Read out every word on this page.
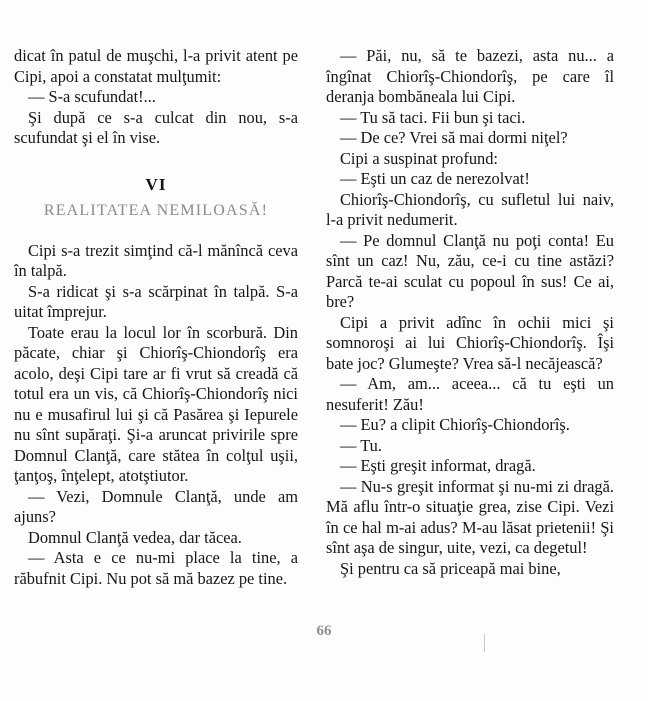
dicat în patul de muşchi, l-a privit atent pe Cipi, apoi a constatat mulţumit:

— S-a scufundat!...

Şi după ce s-a culcat din nou, s-a scufundat şi el în vise.

VI
REALITATEA NEMILOASĂ!

Cipi s-a trezit simţind că-l mănîncă ceva în talpă.

S-a ridicat şi s-a scărpinat în talpă. S-a uitat împrejur.

Toate erau la locul lor în scorbură. Din păcate, chiar şi Chiorîş-Chiondorîş era acolo, deşi Cipi tare ar fi vrut să creadă că totul era un vis, că Chiorîş-Chiondorîş nici nu e musafirul lui şi că Pasărea şi Iepurele nu sînt supăraţi. Şi-a aruncat privirile spre Domnul Clanţă, care stătea în colţul uşii, ţanţoş, înţelept, atotştiutor.

— Vezi, Domnule Clanţă, unde am ajuns?

Domnul Clanţă vedea, dar tăcea.

— Asta e ce nu-mi place la tine, a răbufnit Cipi. Nu pot să mă bazez pe tine.

— Păi, nu, să te bazezi, asta nu... a îngînat Chiorîş-Chiondorîş, pe care îl deranja bombăneala lui Cipi.

— Tu să taci. Fii bun şi taci.

— De ce? Vrei să mai dormi niţel?

Cipi a suspinat profund:

— Eşti un caz de nerezolvat!

Chiorîş-Chiondorîş, cu sufletul lui naiv, l-a privit nedumerit.

— Pe domnul Clanţă nu poţi conta! Eu sînt un caz! Nu, zău, ce-i cu tine astăzi? Parcă te-ai sculat cu popoul în sus! Ce ai, bre?

Cipi a privit adînc în ochii mici şi somnoroşi ai lui Chiorîş-Chiondorîş. Îşi bate joc? Glumeşte? Vrea să-l necăjească?

— Am, am... aceea... că tu eşti un nesuferit! Zău!

— Eu? a clipit Chiorîş-Chiondorîş.

— Tu.

— Eşti greşit informat, dragă.

— Nu-s greşit informat şi nu-mi zi dragă. Mă aflu într-o situaţie grea, zise Cipi. Vezi în ce hal m-ai adus? M-au lăsat prietenii! Şi sînt aşa de singur, uite, vezi, ca degetul!

Şi pentru ca să priceapă mai bine,

66
